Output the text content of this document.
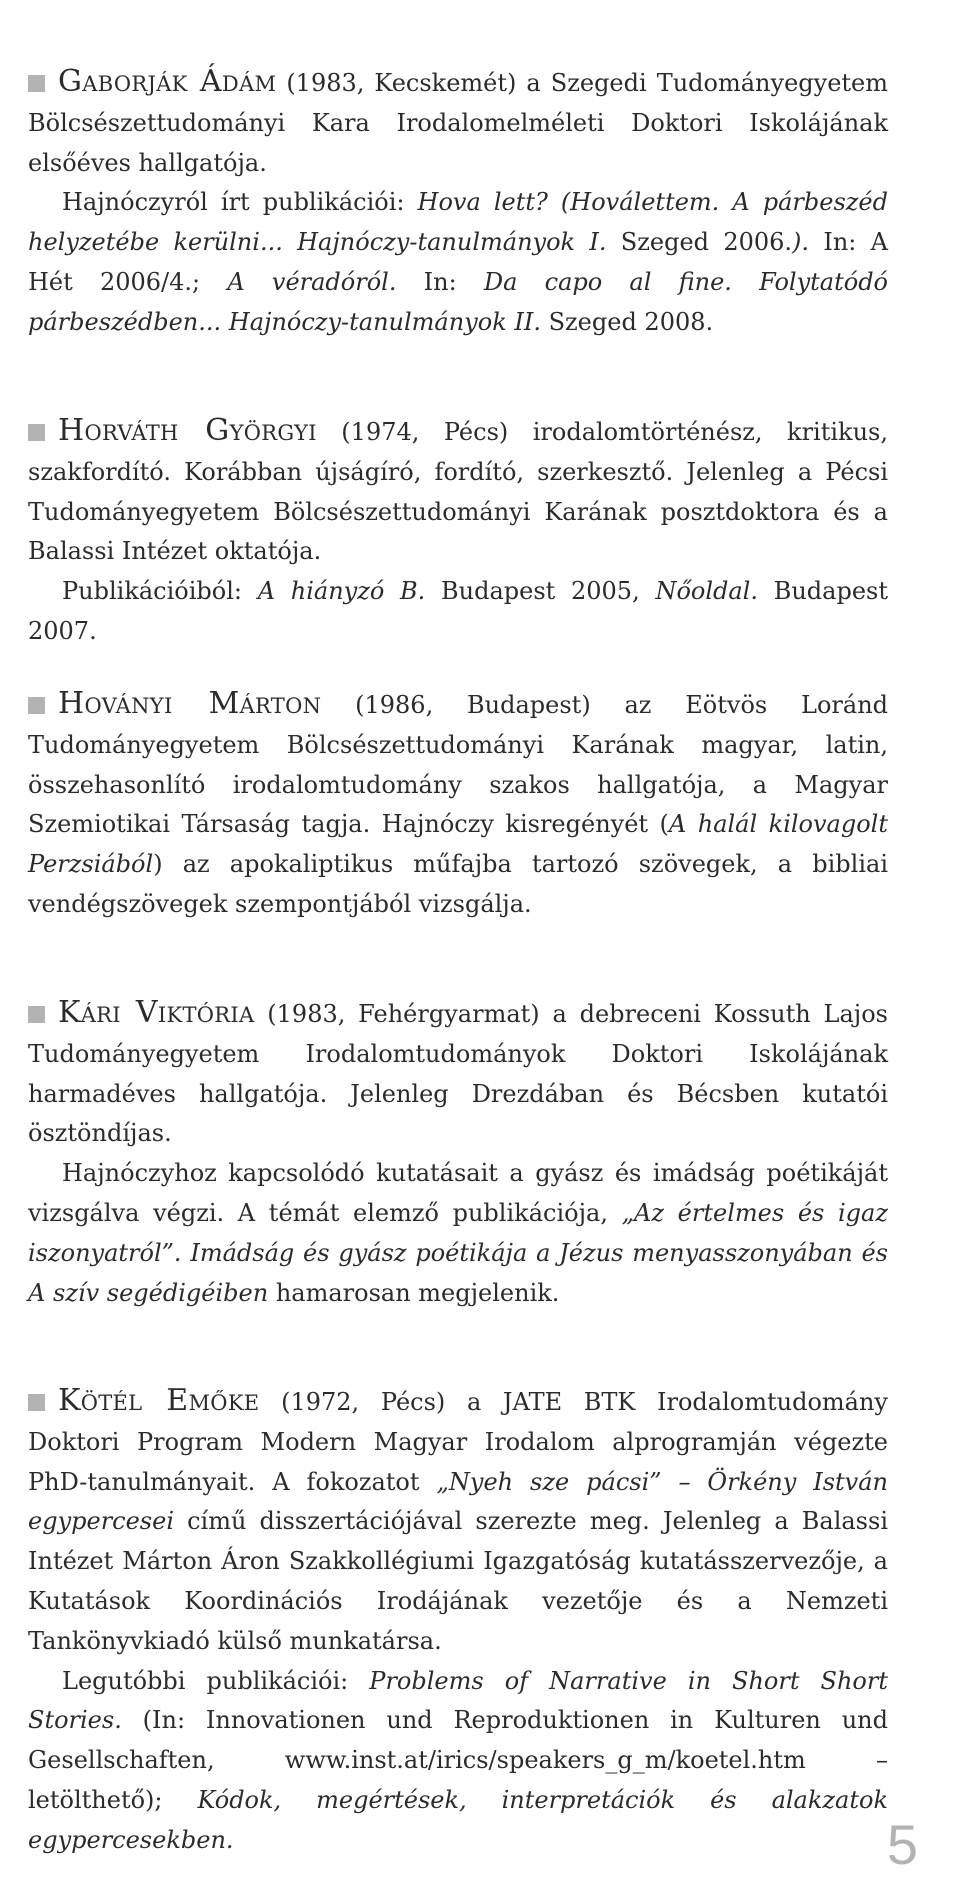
Gaborják Ádám (1983, Kecskemét) a Szegedi Tudományegyetem Bölcsészettudományi Kara Irodalomelméleti Doktori Iskolájának elsőéves hallgatója.

Hajnóczyról írt publikációi: Hova lett? (Hoválettem. A párbeszéd helyzetébe kerülni... Hajnóczy-tanulmányok I. Szeged 2006.). In: A Hét 2006/4.; A véradóról. In: Da capo al fine. Folytatódó párbeszédben... Hajnóczy-tanulmányok II. Szeged 2008.

Horváth Györgyi (1974, Pécs) irodalomtörténész, kritikus, szakfordító. Korábban újságíró, fordító, szerkesztő. Jelenleg a Pécsi Tudományegyetem Bölcsészettudományi Karának posztdoktora és a Balassi Intézet oktatója.

Publikációiból: A hiányzó B. Budapest 2005, Nőoldal. Budapest 2007.

Hoványi Márton (1986, Budapest) az Eötvös Loránd Tudományegyetem Bölcsészettudományi Karának magyar, latin, összehasonlító irodalomtudomány szakos hallgatója, a Magyar Szemiotikai Társaság tagja. Hajnóczy kisregényét (A halál kilovagolt Perzsiából) az apokaliptikus műfajba tartozó szövegek, a bibliai vendégszövegek szempontjából vizsgálja.

Kári Viktória (1983, Fehérgyarmat) a debreceni Kossuth Lajos Tudományegyetem Irodalomtudományok Doktori Iskolájának harmadéves hallgatója. Jelenleg Drezdában és Bécsben kutatói ösztöndíjas.

Hajnóczyhoz kapcsolódó kutatásait a gyász és imádság poétikáját vizsgálva végzi. A témát elemző publikációja, „Az értelmes és igaz iszonyatról”. Imádság és gyász poétikája a Jézus menyasszonyában és A szív segédigéiben hamarosan megjelenik.

Kötél Emőke (1972, Pécs) a JATE BTK Irodalomtudomány Doktori Program Modern Magyar Irodalom alprogramján végezte PhD-tanulmányait. A fokozatot „Nyeh sze pácsi” – Örkény István egypercesei című disszertációjával szerezte meg. Jelenleg a Balassi Intézet Márton Áron Szakkollégiumi Igazgatóság kutatásszervezője, a Kutatások Koordinációs Irodájának vezetője és a Nemzeti Tankönyvkiadó külső munkatársa.

Legutóbbi publikációi: Problems of Narrative in Short Short Stories. (In: Innovationen und Reproduktionen in Kulturen und Gesellschaften, www.inst.at/irics/speakers_g_m/koetel.htm – letölthető); Kódok, megértések, interpretációk és alakzatok egypercesekben.	5
